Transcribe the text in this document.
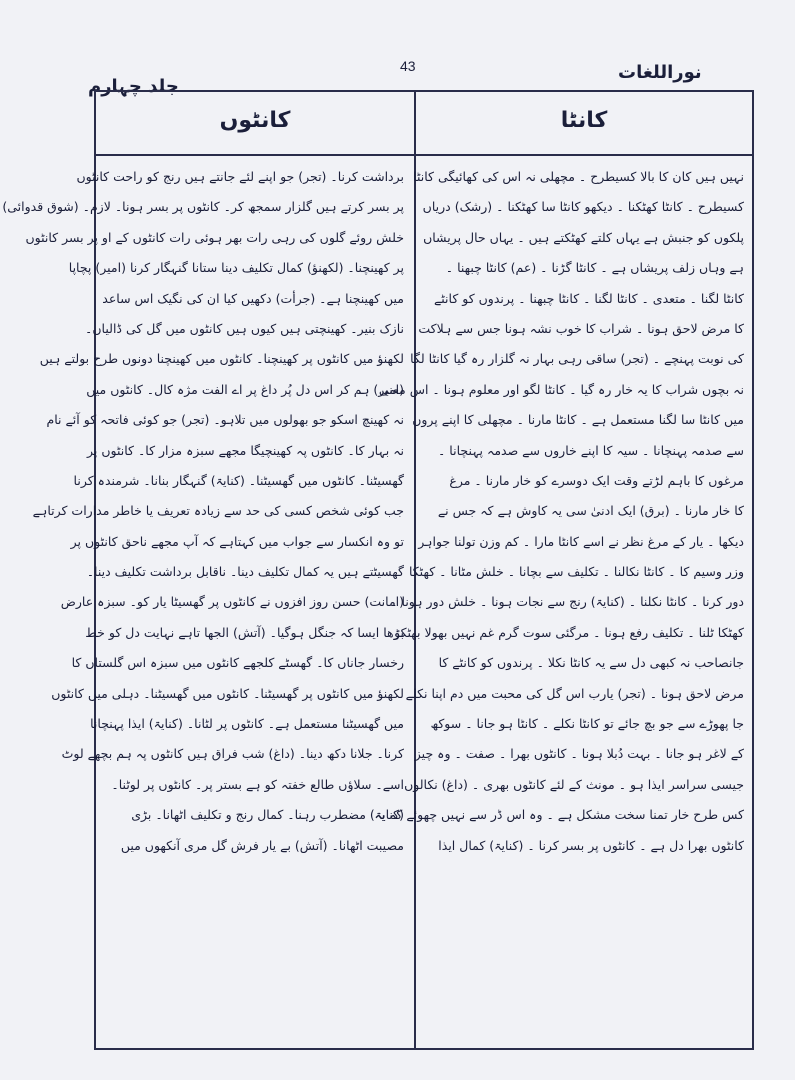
جلد چہارم
43	نوراللغات
کانٹوں	کانٹا
برداشت کرنا۔ (تجر) جو اپنے لئے جانتے ہیں رنج کو راحت کانٹوں
پر بسر کرتے ہیں گلزار سمجھ کر۔ کانٹوں پر بسر ہونا۔ لازم۔ (شوق قدوائی)
خلش روئے گلوں کی رہی رات بھر ہوئی رات کانٹوں کے او پر بسر کانٹوں
پر کھینچنا۔ (لکھنؤ) کمال تکلیف دینا ستانا گنہگار کرنا (امیر) پچاپا
میں کھینچنا ہے۔ (جرأت) دکھیں کیا ان کی نگیک اس ساعد
نازک بنیر۔ کھینچتی ہیں کیوں ہیں کانٹوں میں گل کی ڈالیاں۔
لکھنؤ میں کانٹوں پر کھینچنا۔ کانٹوں میں کھینچنا دونوں طرح بولتے ہیں
(امیر) ہم کر اس دل پُر داغ پر اے الفت مژہ کال۔ کانٹوں میں
نہ کھینچ اسکو جو بھولوں میں تلاہو۔ (تجر) جو کوئی فاتحہ کو آئے نام
نہ بہار کا۔ کانٹوں پہ کھینچیگا مجھے سبزہ مزار کا۔ کانٹوں پر
گھسیٹنا۔ کانٹوں میں گھسیٹنا۔ (کنایۃ) گنہگار بنانا۔ شرمندہ کرنا
جب کوئی شخص کسی کی حد سے زیادہ تعریف یا خاطر مدارات کرتاہے
تو وہ انکسار سے جواب میں کہتاہے کہ آپ مجھے ناحق کانٹوں پر
گھسیٹتے ہیں یہ کمال تکلیف دینا۔ ناقابل برداشت تکلیف دینا۔
(امانت) حسن روز افزوں نے کانٹوں پر گھسیٹا یار کو۔ سبزہ عارض
بڑھا ایسا کہ جنگل ہوگیا۔ (آتش) الجھا تاہے نہایت دل کو خط
رخسار جاناں کا۔ گھسٹے کلجھے کانٹوں میں سبزہ اس گلستاں کا
لکھنؤ میں کانٹوں پر گھسیٹنا۔ کانٹوں میں گھسیٹنا۔ دہلی میں کانٹوں
میں گھسیٹنا مستعمل ہے۔ کانٹوں پر لٹانا۔ (کنایۃ) ایذا پہنچانا
کرنا۔ جلانا دکھ دینا۔ (داغ) شب فراق ہیں کانٹوں پہ ہم بچھے لوٹ
اسے۔ سلاؤں طالع خفتہ کو ہے بستر پر۔ کانٹوں پر لوٹنا۔
(کنایۃ) مضطرب رہنا۔ کمال رنج و تکلیف اٹھانا۔ بڑی
مصیبت اٹھانا۔ (آتش) بے یار فرش گل مری آنکھوں میں
نہیں ہیں کان کا بالا کسیطرح ۔ مچھلی نہ اس کی کھائیگی کانٹا
کسیطرح ۔ کانٹا کھٹکنا ۔ دیکھو کانٹا سا کھٹکنا ۔ (رشک) دریاں
پلکوں کو جنبش ہے یہاں کلتے کھٹکتے ہیں ۔ یہاں حال پریشاں
ہے وہاں زلف پریشاں ہے ۔ کانٹا گڑنا ۔ (عم) کانٹا چبھنا ۔
کانٹا لگنا ۔ متعدی ۔ کانٹا لگنا ۔ کانٹا چبھنا ۔ پرندوں کو کانٹے
کا مرض لاحق ہونا ۔ شراب کا خوب نشہ ہونا جس سے ہلاکت
کی نوبت پہنچے ۔ (تجر) ساقی رہی بہار نہ گلزار رہ گیا کانٹا لگا
نہ بچوں شراب کا یہ خار رہ گیا ۔ کانٹا لگو اور معلوم ہونا ۔ اس معنی
میں کانٹا سا لگنا مستعمل ہے ۔ کانٹا مارنا ۔ مچھلی کا اپنے پروں
سے صدمہ پہنچانا ۔ سیہ کا اپنے خاروں سے صدمہ پہنچانا ۔
مرغوں کا باہم لڑتے وقت ایک دوسرے کو خار مارنا ۔ مرغ
کا خار مارنا ۔ (برق) ایک ادنیٰ سی یہ کاوش ہے کہ جس نے
دیکھا ۔ یار کے مرغ نظر نے اسے کانٹا مارا ۔ کم وزن تولنا جواہر
وزر وسیم کا ۔ کانٹا نکالنا ۔ تکلیف سے بچانا ۔ خلش مٹانا ۔ کھٹکا
دور کرنا ۔ کانٹا نکلنا ۔ (کنایۃ) رنج سے نجات ہونا ۔ خلش دور ہونا ۔
کھٹکا ٹلنا ۔ تکلیف رفع ہونا ۔ مرگئی سوت گرم غم نہیں بھولا بھٹکو
جانصاحب نہ کبھی دل سے یہ کانٹا نکلا ۔ پرندوں کو کانٹے کا
مرض لاحق ہونا ۔ (تجر) یارب اس گل کی محبت میں دم اپنا نکلے
جا پھوڑے سے جو بچ جائے تو کانٹا نکلے ۔ کانٹا ہو جانا ۔ سوکھ
کے لاغر ہو جانا ۔ بہت دُبلا ہونا ۔ کانٹوں بھرا ۔ صفت ۔ وہ چیز
جیسی سراسر ایذا ہو ۔ مونث کے لئے کانٹوں بھری ۔ (داغ) نکالوں
کس طرح خار تمنا سخت مشکل ہے ۔ وہ اس ڈر سے نہیں چھوئے کہ یہ
کانٹوں بھرا دل ہے ۔ کانٹوں پر بسر کرنا ۔ (کنایۃ) کمال ایذا
